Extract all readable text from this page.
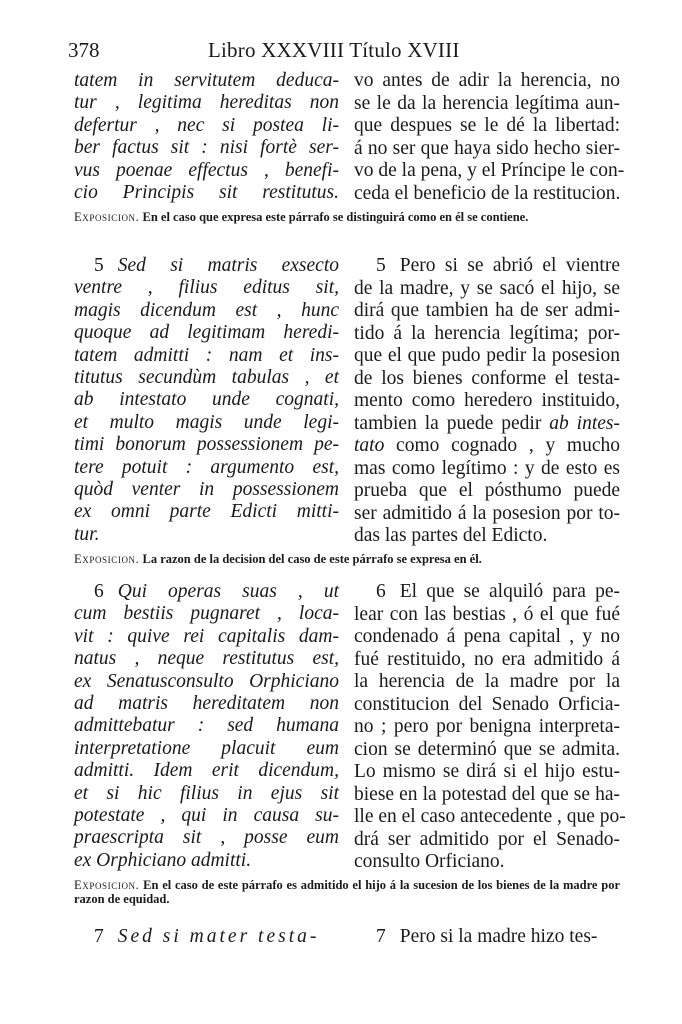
378	Libro XXXVIII Título XVIII
tatem in servitutem deduca-
tur , legitima hereditas non
defertur , nec si postea li-
ber factus sit : nisi fortè ser-
vus poenae effectus , benefi-
cio Principis sit restitutus.
vo antes de adir la herencia, no
se le da la herencia legítima aun-
que despues se le dé la libertad:
á no ser que haya sido hecho sier-
vo de la pena, y el Príncipe le con-
ceda el beneficio de la restitucion.
Exposicion. En el caso que expresa este párrafo se distinguirá como en él se contiene.
5 Sed si matris exsecto
ventre , filius editus sit,
magis dicendum est , hunc
quoque ad legitimam heredi-
tatem admitti : nam et ins-
titutus secundùm tabulas , et
ab intestato unde cognati,
et multo magis unde legi-
timi bonorum possessionem pe-
tere potuit : argumento est,
quòd venter in possessionem
ex omni parte Edicti mitti-
tur.
5 Pero si se abrió el vientre
de la madre, y se sacó el hijo, se
dirá que tambien ha de ser admi-
tido á la herencia legítima; por-
que el que pudo pedir la posesion
de los bienes conforme el testa-
mento como heredero instituido,
tambien la puede pedir ab intes-
tato como cognado , y mucho
mas como legítimo : y de esto es
prueba que el pósthumo puede
ser admitido á la posesion por to-
das las partes del Edicto.
Exposicion. La razon de la decision del caso de este párrafo se expresa en él.
6 Qui operas suas , ut
cum bestiis pugnaret , loca-
vit : quive rei capitalis dam-
natus , neque restitutus est,
ex Senatusconsulto Orphiciano
ad matris hereditatem non
admittebatur : sed humana
interpretatione placuit eum
admitti. Idem erit dicendum,
et si hic filius in ejus sit
potestate , qui in causa su-
praescripta sit , posse eum
ex Orphiciano admitti.
6 El que se alquiló para pe-
lear con las bestias , ó el que fué
condenado á pena capital , y no
fué restituido, no era admitido á
la herencia de la madre por la
constitucion del Senado Orficia-
no ; pero por benigna interpreta-
cion se determinó que se admita.
Lo mismo se dirá si el hijo estu-
biese en la potestad del que se ha-
lle en el caso antecedente , que po-
drá ser admitido por el Senado-
consulto Orficiano.
Exposicion. En el caso de este párrafo es admitido el hijo á la sucesion de los bienes de la madre por razon de equidad.
7 Sed si mater testa-	7 Pero si la madre hizo tes-
